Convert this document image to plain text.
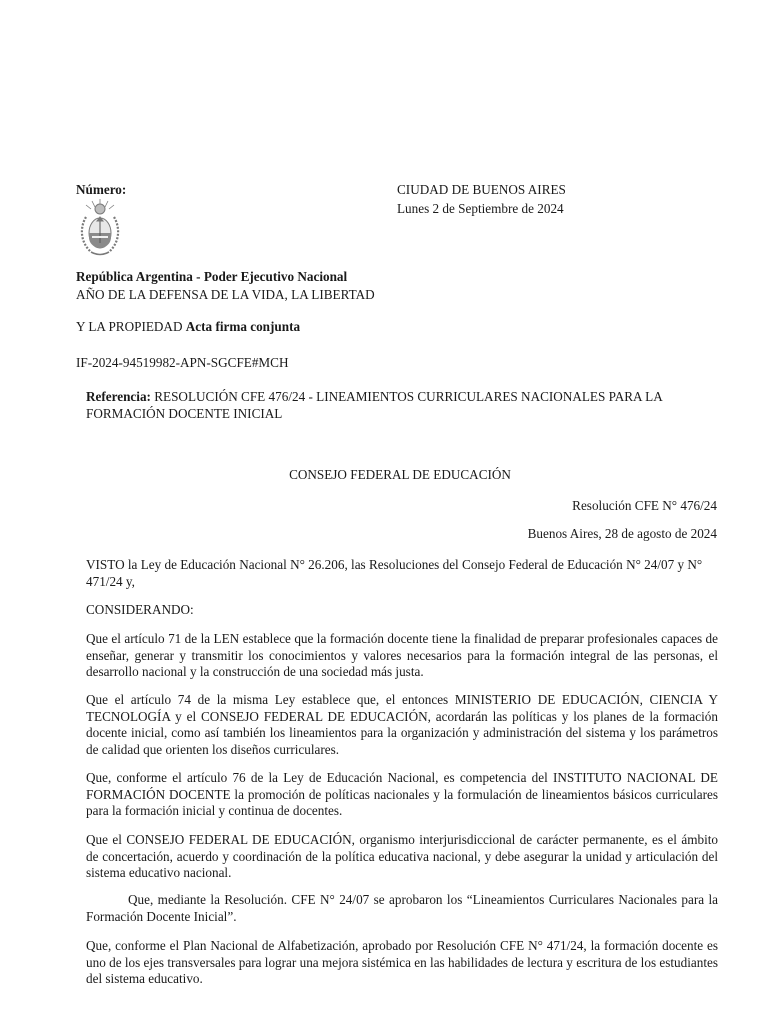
Número:	CIUDAD DE BUENOS AIRES
Lunes 2 de Septiembre de 2024
República Argentina - Poder Ejecutivo Nacional
AÑO DE LA DEFENSA DE LA VIDA, LA LIBERTAD
Y LA PROPIEDAD Acta firma conjunta
IF-2024-94519982-APN-SGCFE#MCH
Referencia: RESOLUCIÓN CFE 476/24 - LINEAMIENTOS CURRICULARES NACIONALES PARA LA FORMACIÓN DOCENTE INICIAL
CONSEJO FEDERAL DE EDUCACIÓN
Resolución CFE N° 476/24
Buenos Aires, 28 de agosto de 2024
VISTO la Ley de Educación Nacional N° 26.206, las Resoluciones del Consejo Federal de Educación N° 24/07 y N° 471/24 y,
CONSIDERANDO:
Que el artículo 71 de la LEN establece que la formación docente tiene la finalidad de preparar profesionales capaces de enseñar, generar y transmitir los conocimientos y valores necesarios para la formación integral de las personas, el desarrollo nacional y la construcción de una sociedad más justa.
Que el artículo 74 de la misma Ley establece que, el entonces MINISTERIO DE EDUCACIÓN, CIENCIA Y TECNOLOGÍA y el CONSEJO FEDERAL DE EDUCACIÓN, acordarán las políticas y los planes de la formación docente inicial, como así también los lineamientos para la organización y administración del sistema y los parámetros de calidad que orienten los diseños curriculares.
Que, conforme el artículo 76 de la Ley de Educación Nacional, es competencia del INSTITUTO NACIONAL DE FORMACIÓN DOCENTE la promoción de políticas nacionales y la formulación de lineamientos básicos curriculares para la formación inicial y continua de docentes.
Que el CONSEJO FEDERAL DE EDUCACIÓN, organismo interjurisdiccional de carácter permanente, es el ámbito de concertación, acuerdo y coordinación de la política educativa nacional, y debe asegurar la unidad y articulación del sistema educativo nacional.
Que, mediante la Resolución. CFE N° 24/07 se aprobaron los “Lineamientos Curriculares Nacionales para la Formación Docente Inicial”.
Que, conforme el Plan Nacional de Alfabetización, aprobado por Resolución CFE N° 471/24, la formación docente es uno de los ejes transversales para lograr una mejora sistémica en las habilidades de lectura y escritura de los estudiantes del sistema educativo.
